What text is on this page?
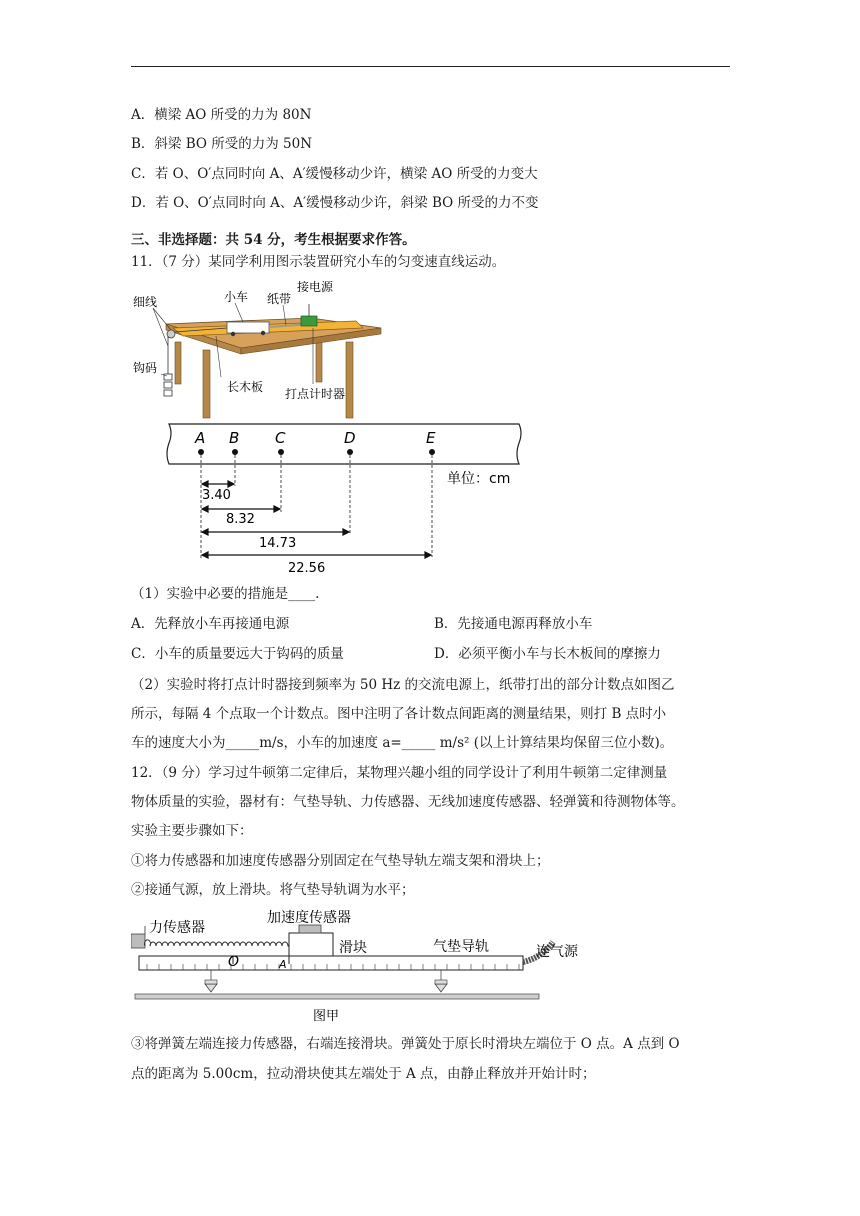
A．横梁 AO 所受的力为 80N
B．斜梁 BO 所受的力为 50N
C．若 O、O′点同时向 A、A′缓慢移动少许，横梁 AO 所受的力变大
D．若 O、O′点同时向 A、A′缓慢移动少许，斜梁 BO 所受的力不变
三、非选择题：共 54 分，考生根据要求作答。
11．（7 分）某同学利用图示装置研究小车的匀变速直线运动。
细线	小车 纸带
接电源
钩码
长木板 打点计时器
A B C	D	E
单位：cm
3.40
8.32
14.73
22.56
（1）实验中必要的措施是____.
A．先释放小车再接通电源	B．先接通电源再释放小车
C．小车的质量要远大于钩码的质量	D．必须平衡小车与长木板间的摩擦力
（2）实验时将打点计时器接到频率为 50 Hz 的交流电源上，纸带打出的部分计数点如图乙
所示，每隔 4 个点取一个计数点。图中注明了各计数点间距离的测量结果，则打 B 点时小
车的速度大小为_____m/s，小车的加速度 a=_____ m/s² (以上计算结果均保留三位小数)。
12．（9 分）学习过牛顿第二定律后，某物理兴趣小组的同学设计了利用牛顿第二定律测量
物体质量的实验，器材有：气垫导轨、力传感器、无线加速度传感器、轻弹簧和待测物体等。
实验主要步骤如下：
①将力传感器和加速度传感器分别固定在气垫导轨左端支架和滑块上；
②接通气源，放上滑块。将气垫导轨调为水平；
O	A
力传感器
加速度传感器
滑块	气垫导轨	连气源
图甲
③将弹簧左端连接力传感器，右端连接滑块。弹簧处于原长时滑块左端位于 O 点。A 点到 O
点的距离为 5.00cm，拉动滑块使其左端处于 A 点，由静止释放并开始计时；
